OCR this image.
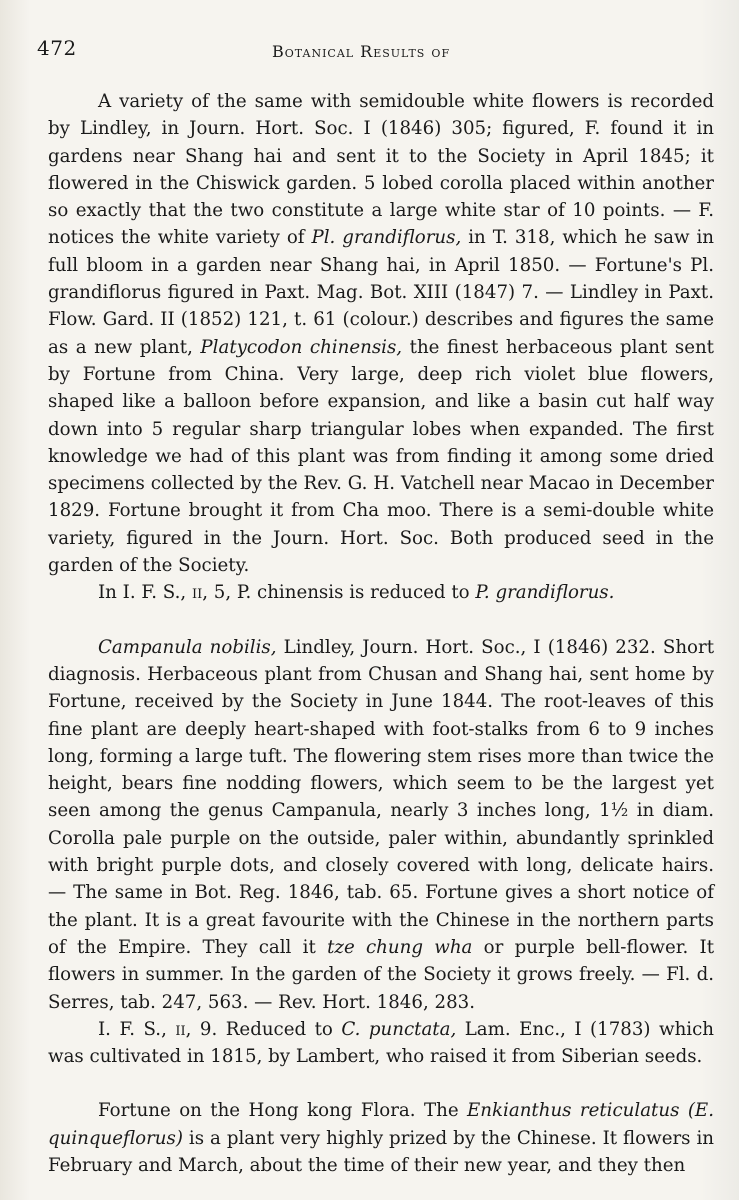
472	Botanical Results of

A variety of the same with semidouble white flowers is recorded by Lindley, in Journ. Hort. Soc. I (1846) 305; figured, F. found it in gardens near Shang hai and sent it to the Society in April 1845; it flowered in the Chiswick garden. 5 lobed corolla placed within another so exactly that the two constitute a large white star of 10 points. — F. notices the white variety of Pl. grandiflorus, in T. 318, which he saw in full bloom in a garden near Shang hai, in April 1850. — Fortune's Pl. grandiflorus figured in Paxt. Mag. Bot. XIII (1847) 7. — Lindley in Paxt. Flow. Gard. II (1852) 121, t. 61 (colour.) describes and figures the same as a new plant, Platycodon chinensis, the finest herbaceous plant sent by Fortune from China. Very large, deep rich violet blue flowers, shaped like a balloon before expansion, and like a basin cut half way down into 5 regular sharp triangular lobes when expanded. The first knowledge we had of this plant was from finding it among some dried specimens collected by the Rev. G. H. Vatchell near Macao in December 1829. Fortune brought it from Cha moo. There is a semi-double white variety, figured in the Journ. Hort. Soc. Both produced seed in the garden of the Society.

In I. F. S., ii, 5, P. chinensis is reduced to P. grandiflorus.

Campanula nobilis, Lindley, Journ. Hort. Soc., I (1846) 232. Short diagnosis. Herbaceous plant from Chusan and Shang hai, sent home by Fortune, received by the Society in June 1844. The root-leaves of this fine plant are deeply heart-shaped with foot-stalks from 6 to 9 inches long, forming a large tuft. The flowering stem rises more than twice the height, bears fine nodding flowers, which seem to be the largest yet seen among the genus Campanula, nearly 3 inches long, 1½ in diam. Corolla pale purple on the outside, paler within, abundantly sprinkled with bright purple dots, and closely covered with long, delicate hairs. — The same in Bot. Reg. 1846, tab. 65. Fortune gives a short notice of the plant. It is a great favourite with the Chinese in the northern parts of the Empire. They call it tze chung wha or purple bell-flower. It flowers in summer. In the garden of the Society it grows freely. — Fl. d. Serres, tab. 247, 563. — Rev. Hort. 1846, 283.

I. F. S., ii, 9. Reduced to C. punctata, Lam. Enc., I (1783) which was cultivated in 1815, by Lambert, who raised it from Siberian seeds.

Fortune on the Hong kong Flora. The Enkianthus reticulatus (E. quinqueflorus) is a plant very highly prized by the Chinese. It flowers in February and March, about the time of their new year, and they then
